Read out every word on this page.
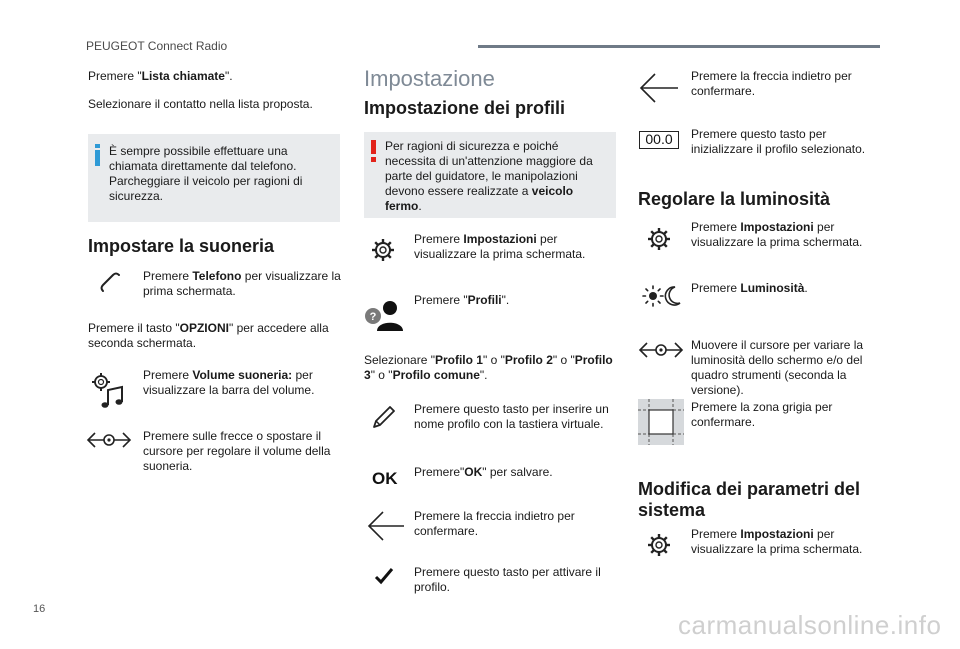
PEUGEOT Connect Radio
Premere "Lista chiamate".
Selezionare il contatto nella lista proposta.
È sempre possibile effettuare una chiamata direttamente dal telefono. Parcheggiare il veicolo per ragioni di sicurezza.
Impostare la suoneria
Premere Telefono per visualizzare la prima schermata.
Premere il tasto "OPZIONI" per accedere alla seconda schermata.
Premere Volume suoneria: per visualizzare la barra del volume.
Premere sulle frecce o spostare il cursore per regolare il volume della suoneria.
Impostazione
Impostazione dei profili
Per ragioni di sicurezza e poiché necessita di un'attenzione maggiore da parte del guidatore, le manipolazioni devono essere realizzate a veicolo fermo.
Premere Impostazioni per visualizzare la prima schermata.
?
Premere "Profili".
Selezionare "Profilo 1" o "Profilo 2" o "Profilo 3" o "Profilo comune".
Premere questo tasto per inserire un nome profilo con la tastiera virtuale.
OK Premere"OK" per salvare.
Premere la freccia indietro per confermare.
Premere questo tasto per attivare il profilo.
Premere la freccia indietro per confermare.
00.0	Premere questo tasto per inizializzare il profilo selezionato.
Regolare la luminosità
Premere Impostazioni per visualizzare la prima schermata.
Premere Luminosità.
Muovere il cursore per variare la luminosità dello schermo e/o del quadro strumenti (seconda la versione).
Premere la zona grigia per confermare.
Modifica dei parametri del sistema
Premere Impostazioni per visualizzare la prima schermata.
16
carmanualsonline.info
